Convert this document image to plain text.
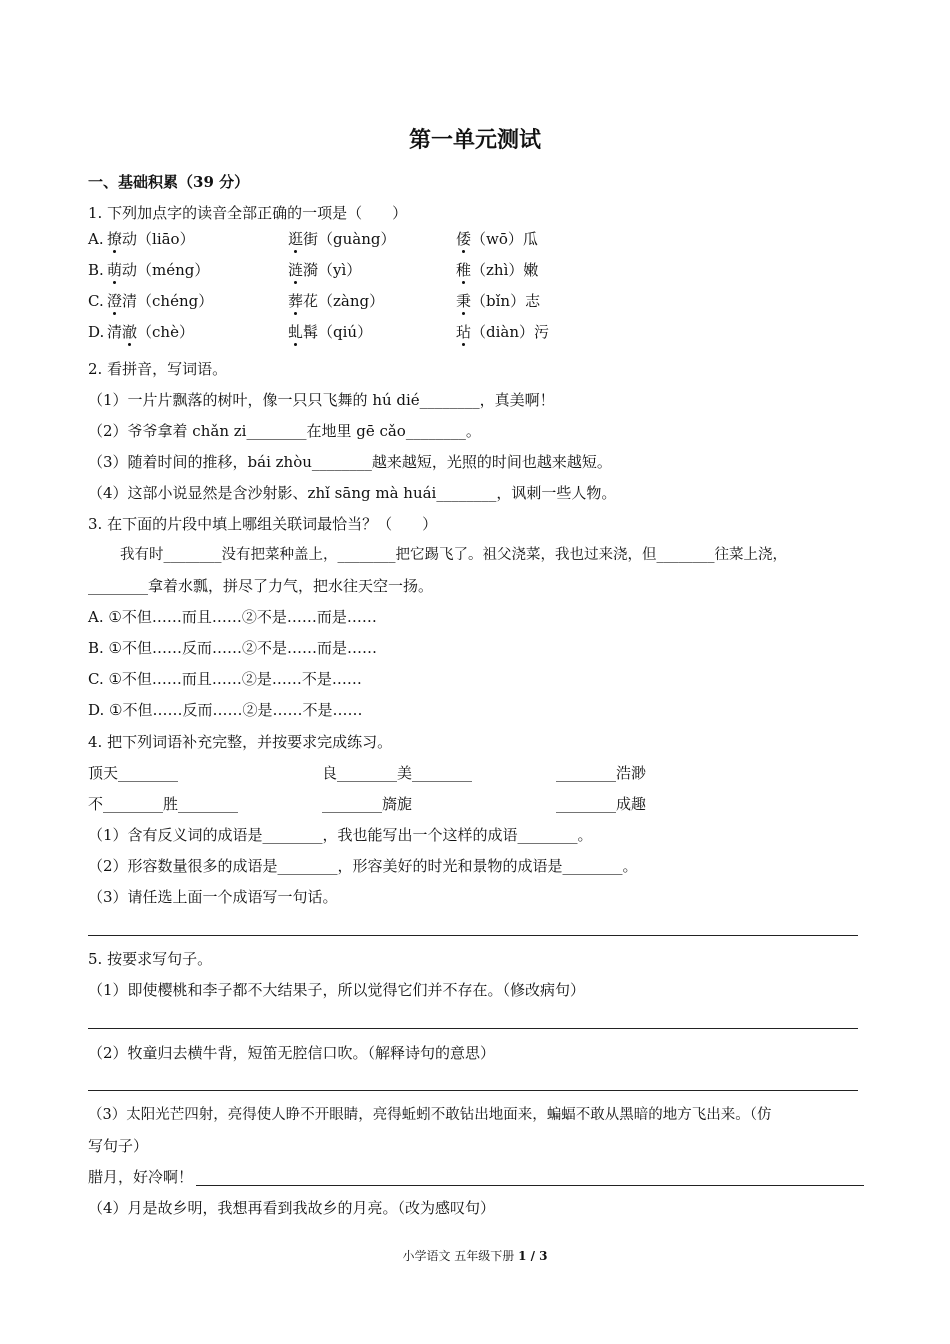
第一单元测试
一、基础积累（39 分）
1. 下列加点字的读音全部正确的一项是（　　）
A. 撩动（liāo）	逛街（guàng）	倭（wō）瓜
B. 萌动（méng）	涟漪（yì）	稚（zhì）嫩
C. 澄清（chéng）	葬花（zàng）	秉（bǐn）志
D. 清澈（chè）	虬髯（qiú）	玷（diàn）污
2. 看拼音，写词语。
（1）一片片飘落的树叶，像一只只飞舞的 hú dié________，真美啊！
（2）爷爷拿着 chǎn zi________在地里 gē cǎo________。
（3）随着时间的推移，bái zhòu________越来越短，光照的时间也越来越短。
（4）这部小说显然是含沙射影、zhǐ sāng mà huái________，讽刺一些人物。
3. 在下面的片段中填上哪组关联词最恰当？（　　）
我有时________没有把菜种盖上，________把它踢飞了。祖父浇菜，我也过来浇，但________往菜上浇，
________拿着水瓢，拼尽了力气，把水往天空一扬。
A. ①不但……而且……②不是……而是……
B. ①不但……反而……②不是……而是……
C. ①不但……而且……②是……不是……
D. ①不但……反而……②是……不是……
4. 把下列词语补充完整，并按要求完成练习。
顶天________	良________美________	________浩渺
不________胜________	________旖旎	________成趣
（1）含有反义词的成语是________，我也能写出一个这样的成语________。
（2）形容数量很多的成语是________，形容美好的时光和景物的成语是________。
（3）请任选上面一个成语写一句话。
5. 按要求写句子。
（1）即使樱桃和李子都不大结果子，所以觉得它们并不存在。（修改病句）
（2）牧童归去横牛背，短笛无腔信口吹。（解释诗句的意思）
（3）太阳光芒四射，亮得使人睁不开眼睛，亮得蚯蚓不敢钻出地面来，蝙蝠不敢从黑暗的地方飞出来。（仿
写句子）
腊月，好冷啊！
（4）月是故乡明，我想再看到我故乡的月亮。（改为感叹句）
小学语文 五年级下册 1 / 3
